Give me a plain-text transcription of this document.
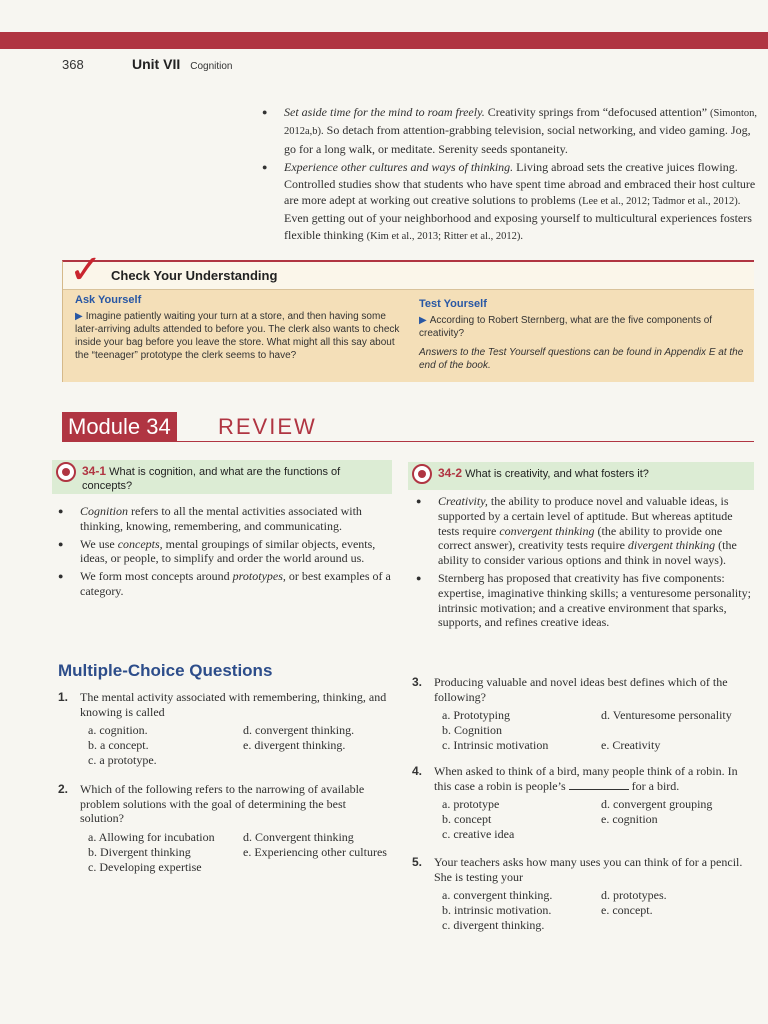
368	Unit VII Cognition
● Set aside time for the mind to roam freely. Creativity springs from “defocused attention” (Simonton, 2012a,b). So detach from attention-grabbing television, social networking, and video gaming. Jog, go for a long walk, or meditate. Serenity seeds spontaneity.
● Experience other cultures and ways of thinking. Living abroad sets the creative juices flowing. Controlled studies show that students who have spent time abroad and embraced their host culture are more adept at working out creative solutions to problems (Lee et al., 2012; Tadmor et al., 2012). Even getting out of your neighborhood and exposing yourself to multicultural experiences fosters flexible thinking (Kim et al., 2013; Ritter et al., 2012).
✓ Check Your Understanding
Ask Yourself
▶ Imagine patiently waiting your turn at a store, and then having some later-arriving adults attended to before you. The clerk also wants to check inside your bag before you leave the store. What might all this say about the “teenager” prototype the clerk seems to have?
Test Yourself
▶ According to Robert Sternberg, what are the five components of creativity?
Answers to the Test Yourself questions can be found in Appendix E at the end of the book.
Module 34 REVIEW
34-1 What is cognition, and what are the functions of concepts?
● Cognition refers to all the mental activities associated with thinking, knowing, remembering, and communicating.
● We use concepts, mental groupings of similar objects, events, ideas, or people, to simplify and order the world around us.
● We form most concepts around prototypes, or best examples of a category.
34-2 What is creativity, and what fosters it?
● Creativity, the ability to produce novel and valuable ideas, is supported by a certain level of aptitude. But whereas aptitude tests require convergent thinking (the ability to provide one correct answer), creativity tests require divergent thinking (the ability to consider various options and think in novel ways).
● Sternberg has proposed that creativity has five components: expertise, imaginative thinking skills; a venturesome personality; intrinsic motivation; and a creative environment that sparks, supports, and refines creative ideas.
Multiple-Choice Questions
1. The mental activity associated with remembering, thinking, and knowing is called
a. cognition.	d. convergent thinking.
b. a concept.	e. divergent thinking.
c. a prototype.
2. Which of the following refers to the narrowing of available problem solutions with the goal of determining the best solution?
a. Allowing for incubation	d. Convergent thinking
b. Divergent thinking	e. Experiencing other cultures
c. Developing expertise
3. Producing valuable and novel ideas best defines which of the following?
a. Prototyping	d. Venturesome personality
b. Cognition
c. Intrinsic motivation	e. Creativity
4. When asked to think of a bird, many people think of a robin. In this case a robin is people’s	for a bird.
a. prototype	d. convergent grouping
b. concept	e. cognition
c. creative idea
5. Your teachers asks how many uses you can think of for a pencil. She is testing your
a. convergent thinking.	d. prototypes.
b. intrinsic motivation.	e. concept.
c. divergent thinking.
